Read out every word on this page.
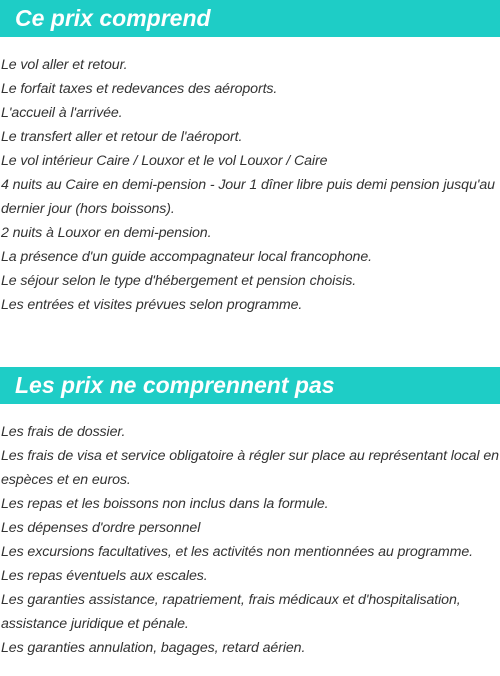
Ce prix comprend
Le vol aller et retour.
Le forfait taxes et redevances des aéroports.
L'accueil à l'arrivée.
Le transfert aller et retour de l'aéroport.
Le vol intérieur Caire / Louxor et le vol Louxor / Caire
4 nuits au Caire en demi-pension - Jour 1 dîner libre puis demi pension jusqu'au dernier jour (hors boissons).
2 nuits à Louxor en demi-pension.
La présence d'un guide accompagnateur local francophone.
Le séjour selon le type d'hébergement et pension choisis.
Les entrées et visites prévues selon programme.
Les prix ne comprennent pas
Les frais de dossier.
Les frais de visa et service obligatoire à régler sur place au représentant local en espèces et en euros.
Les repas et les boissons non inclus dans la formule.
Les dépenses d'ordre personnel
Les excursions facultatives, et les activités non mentionnées au programme.
Les repas éventuels aux escales.
Les garanties assistance, rapatriement, frais médicaux et d'hospitalisation, assistance juridique et pénale.
Les garanties annulation, bagages, retard aérien.
